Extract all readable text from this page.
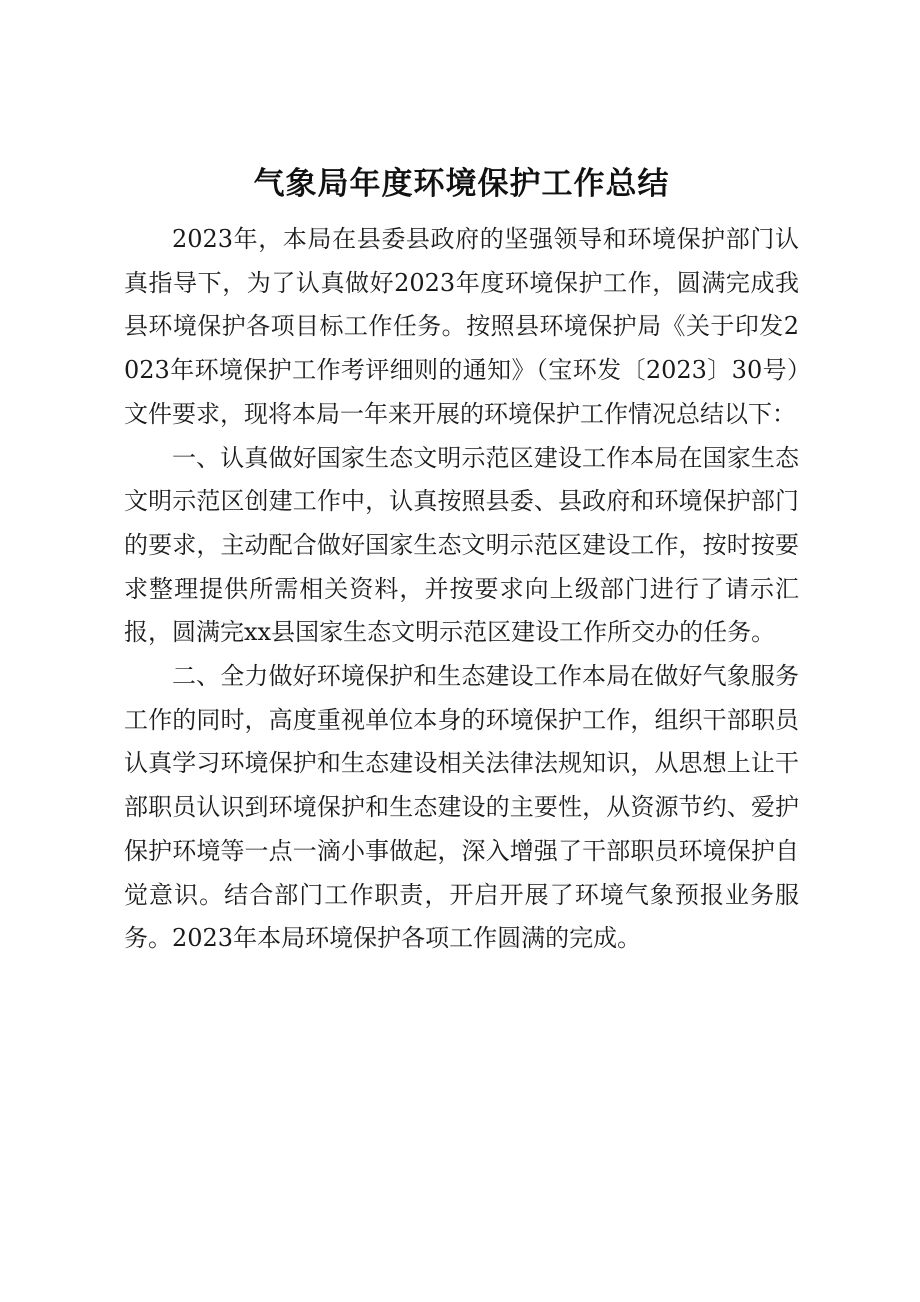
气象局年度环境保护工作总结

2023年，本局在县委县政府的坚强领导和环境保护部门认真指导下，为了认真做好2023年度环境保护工作，圆满完成我县环境保护各项目标工作任务。按照县环境保护局《关于印发2023年环境保护工作考评细则的通知》（宝环发〔2023〕30号）文件要求，现将本局一年来开展的环境保护工作情况总结以下：

一、认真做好国家生态文明示范区建设工作本局在国家生态文明示范区创建工作中，认真按照县委、县政府和环境保护部门的要求，主动配合做好国家生态文明示范区建设工作，按时按要求整理提供所需相关资料，并按要求向上级部门进行了请示汇报，圆满完xx县国家生态文明示范区建设工作所交办的任务。

二、全力做好环境保护和生态建设工作本局在做好气象服务工作的同时，高度重视单位本身的环境保护工作，组织干部职员认真学习环境保护和生态建设相关法律法规知识，从思想上让干部职员认识到环境保护和生态建设的主要性，从资源节约、爱护保护环境等一点一滴小事做起，深入增强了干部职员环境保护自觉意识。结合部门工作职责，开启开展了环境气象预报业务服务。2023年本局环境保护各项工作圆满的完成。
